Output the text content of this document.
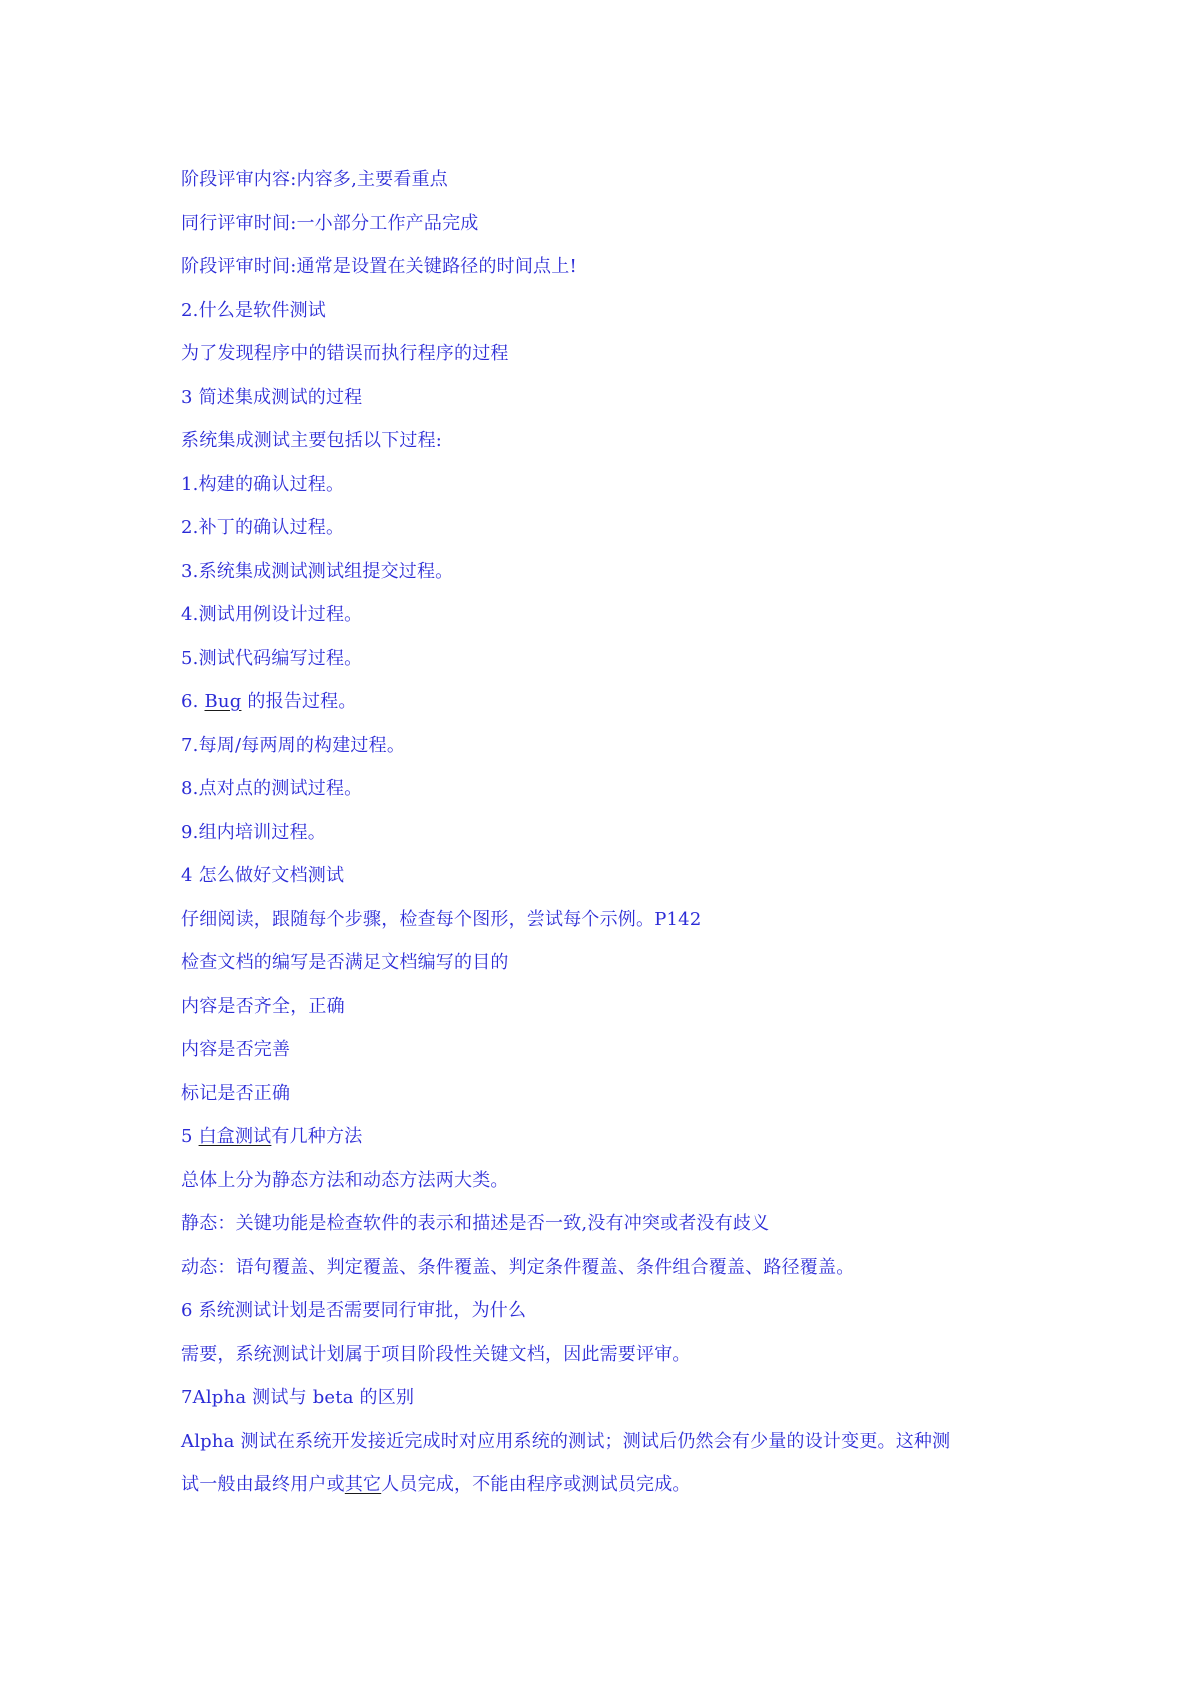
阶段评审内容:内容多,主要看重点
同行评审时间:一小部分工作产品完成
阶段评审时间:通常是设置在关键路径的时间点上!
2.什么是软件测试
为了发现程序中的错误而执行程序的过程
3 简述集成测试的过程
系统集成测试主要包括以下过程:
1.构建的确认过程。
2.补丁的确认过程。
3.系统集成测试测试组提交过程。
4.测试用例设计过程。
5.测试代码编写过程。
6. Bug 的报告过程。
7.每周/每两周的构建过程。
8.点对点的测试过程。
9.组内培训过程。
4 怎么做好文档测试
仔细阅读，跟随每个步骤，检查每个图形，尝试每个示例。P142
检查文档的编写是否满足文档编写的目的
内容是否齐全，正确
内容是否完善
标记是否正确
5 白盒测试有几种方法
总体上分为静态方法和动态方法两大类。
静态：关键功能是检查软件的表示和描述是否一致,没有冲突或者没有歧义
动态：语句覆盖、判定覆盖、条件覆盖、判定条件覆盖、条件组合覆盖、路径覆盖。
6 系统测试计划是否需要同行审批，为什么
需要，系统测试计划属于项目阶段性关键文档，因此需要评审。
7Alpha 测试与 beta 的区别
Alpha 测试在系统开发接近完成时对应用系统的测试；测试后仍然会有少量的设计变更。这种测
试一般由最终用户或其它人员完成，不能由程序或测试员完成。
